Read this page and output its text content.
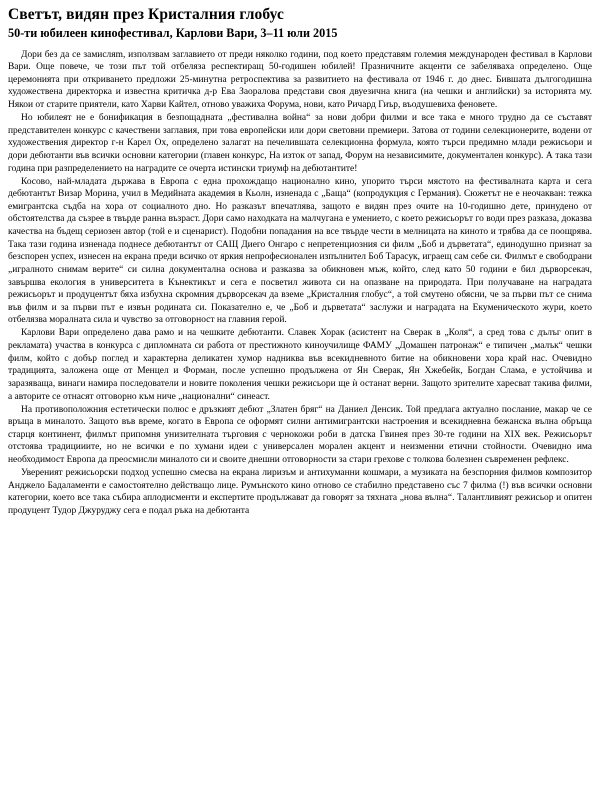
Светът, видян през Кристалния глобус
50-ти юбилеен кинофестивал, Карлови Вари, 3–11 юли 2015

Дори без да се замисляm, използвам заглавието от преди няколко години, под което представям големия международен фестивал в Карлови Вари. Още повече, че този път той отбеляза респектиращ 50-годишен юбилей! Празничните акценти се забеляваха определено. Още церемонията при откриването предложи 25-минутна ретроспектива за развитието на фестивала от 1946 г. до днес. Бившата дългогодишна художествена директорка и известна критичка д-р Ева Заоралова представи своя двуезична книга (на чешки и английски) за историята му. Някои от старите приятели, като Харви Кайтел, отново уважиха Форума, нови, като Ричард Гиър, въодушевиха феновете.

Но юбилеят не е бонификация в безпощадната „фестивална война“ за нови добри филми и все така е много трудно да се съставят представителен конкурс с качествени заглавия, при това европейски или дори световни премиери. Затова от години селекционерите, водени от художествения директор г-н Карел Ох, определено залагат на печелившата селекционна формула, която търси предимно млади режисьори и дори дебютанти във всички основни категории (главен конкурс, На изток от запад, Форум на независимите, документален конкурс). А така тази година при разпределението на наградите се очерта истински триумф на дебютантите!

Косово, най-младата държава в Европа с една прохождащо национално кино, упорито търси мястото на фестивалната карта и сега дебютантът Визар Морина, учил в Медийната академия в Кьолн, изненада с „Баща“ (копродукция с Германия). Сюжетът не е неочакван: тежка емигрантска съдба на хора от социалното дно. Но разказът впечатлява, защото е видян през очите на 10-годишно дете, принудено от обстоятелства да съзрее в твърде ранна възраст. Дори само находката на малчугана е умението, с което режисьорът го води през разказа, доказва качества на бъдещ сериозен автор (той е и сценарист). Подобни попадания на все твърде чести в мелницата на киното и трябва да се поощрява. Така тази година изненада поднесе дебютантът от САЩ Диего Онгаро с непретенциозния си филм „Боб и дърветата“, единодушно признат за безспорен успех, изнесен на екрана преди всичко от яркия непрофесионален изпълнител Боб Тарасук, играещ сам себе си. Филмът е свободрани „игралното снимам верите“ си силна документална основа и разказва за обикновен мъж, който, след като 50 години е бил дърворсекач, завършва екология в университета в Кънектикът и сега е посветил живота си на опазване на природата. При получаване на наградата режисьорът и продуцентът бяха избухна скромния дърворсекач да вземе „Кристалния глобус“, а той смутено обясни, че за първи път се снима във филм и за първи път е извън родината си. Показателно е, че „Боб и дърветата“ заслужи и наградата на Екуменическото жури, което отбелязва моралната сила и чувство за отговорност на главния герой.

Карлови Вари определено дава рамо и на чешките дебютанти. Славек Хорак (асистент на Сверак в „Коля“, а сред това с дълъг опит в рекламата) участва в конкурса с дипломната си работа от престижното киноучилище ФАМУ „Домашен патронаж“ е типичен „малък“ чешки филм, който с добър поглед и характерна деликатен хумор надниква във всекидневното битие на обикновени хора край нас. Очевидно традицията, заложена още от Менцел и Форман, после успешно продължена от Ян Сверак, Ян Хжебейк, Богдан Слама, е устойчива и заразяваща, винаги намира последователи и новите поколения чешки режисьори ще ѝ останат верни. Защото зрителите харесват такива филми, а авторите се отнасят отговорно към ниче „национални“ синеаст.

На противоположния естетически полюс е дръзкият дебют „Златен бряг“ на Даниел Денсик. Той предлага актуално послание, макар че се връща в миналото. Защото във време, когато в Европа се оформят силни антимигрантски настроения и всекидневна бежанска вълна обръща старця континент, филмът припомня унизителната търговия с чернокожи роби в датска Гвинея през 30-те години на XIX век. Режисьорът отстоява традицииите, но не всички е по хумани идеи с универсален морален акцент и неизменни етични стойности. Очевидно има необходимост Европа да преосмисли миналото си и своите днешни отговорности за стари грехове с толкова болезнен съвременен рефлекс.

Увереният режисьорски подход успешно смесва на екрана лиризъм и антихуманни кошмари, а музиката на безспорния филмов композитор Анджело Бадаламенти е самостоятелно действащо лице. Румънското кино отново се стабилно представено със 7 филма (!) във всички основни категории, което все така събира аплодисменти и експертите продължават да говорят за тяхната „нова вълна“. Талантливият режисьор и опитен продуцент Тудор Джуруджу сега е подал ръка на дебютанта
